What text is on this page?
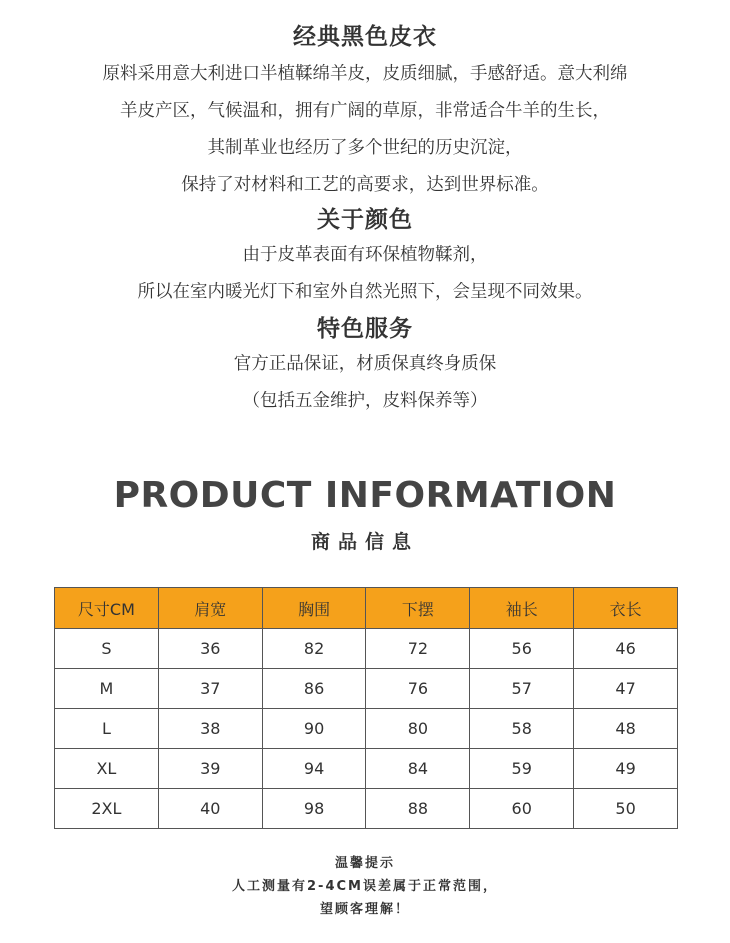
经典黑色皮衣
原料采用意大利进口半植鞣绵羊皮，皮质细腻，手感舒适。意大利绵
羊皮产区，气候温和，拥有广阔的草原，非常适合牛羊的生长，
其制革业也经历了多个世纪的历史沉淀，
保持了对材料和工艺的高要求，达到世界标准。
关于颜色
由于皮革表面有环保植物鞣剂，
所以在室内暖光灯下和室外自然光照下，会呈现不同效果。
特色服务
官方正品保证，材质保真终身质保
（包括五金维护，皮料保养等）
PRODUCT INFORMATION
商品信息
尺寸CM	肩宽	胸围	下摆	袖长	衣长
S	36	82	72	56	46
M	37	86	76	57	47
L	38	90	80	58	48
XL	39	94	84	59	49
2XL	40	98	88	60	50
温馨提示
人工测量有2-4CM误差属于正常范围，
望顾客理解！
